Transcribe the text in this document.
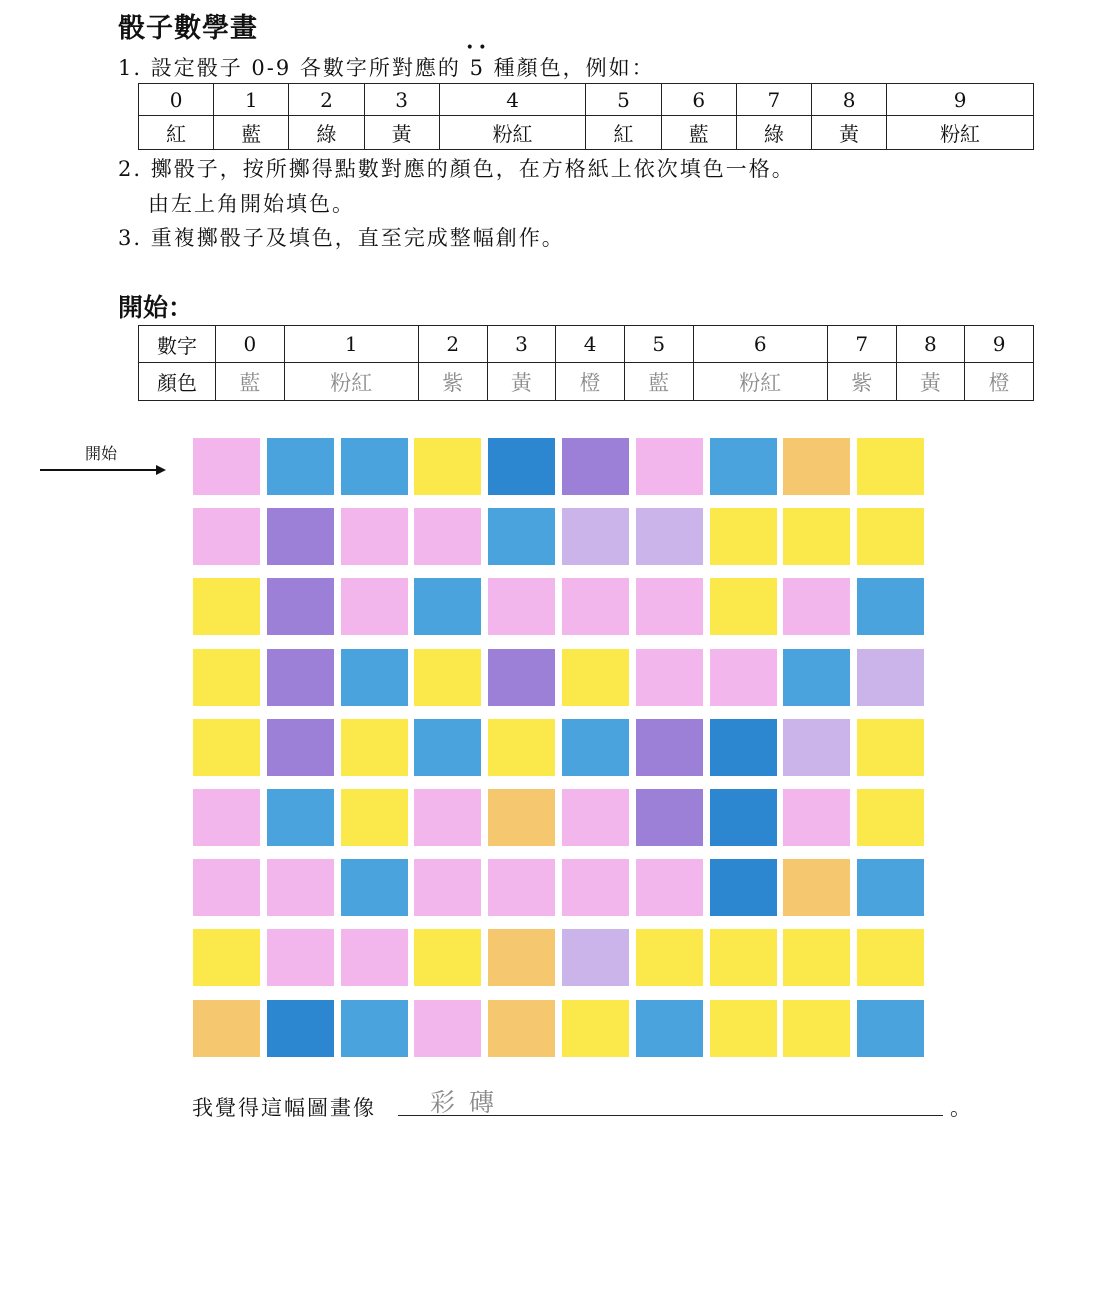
骰子數學畫
1. 設定骰子 0-9 各數字所對應的 • • 5 種顏色，例如：
0	1	2	3	4	5	6	7	8	9
紅	藍	綠	黃	粉紅	紅	藍	綠	黃	粉紅
2. 擲骰子，按所擲得點數對應的顏色，在方格紙上依次填色一格。
由左上角開始填色。
3. 重複擲骰子及填色，直至完成整幅創作。
開始：
數字	0	1	2	3	4	5	6	7	8	9
顏色	藍	粉紅	紫	黃	橙	藍	粉紅	紫	黃	橙
開始
我覺得這幅圖畫像 彩磚	。
